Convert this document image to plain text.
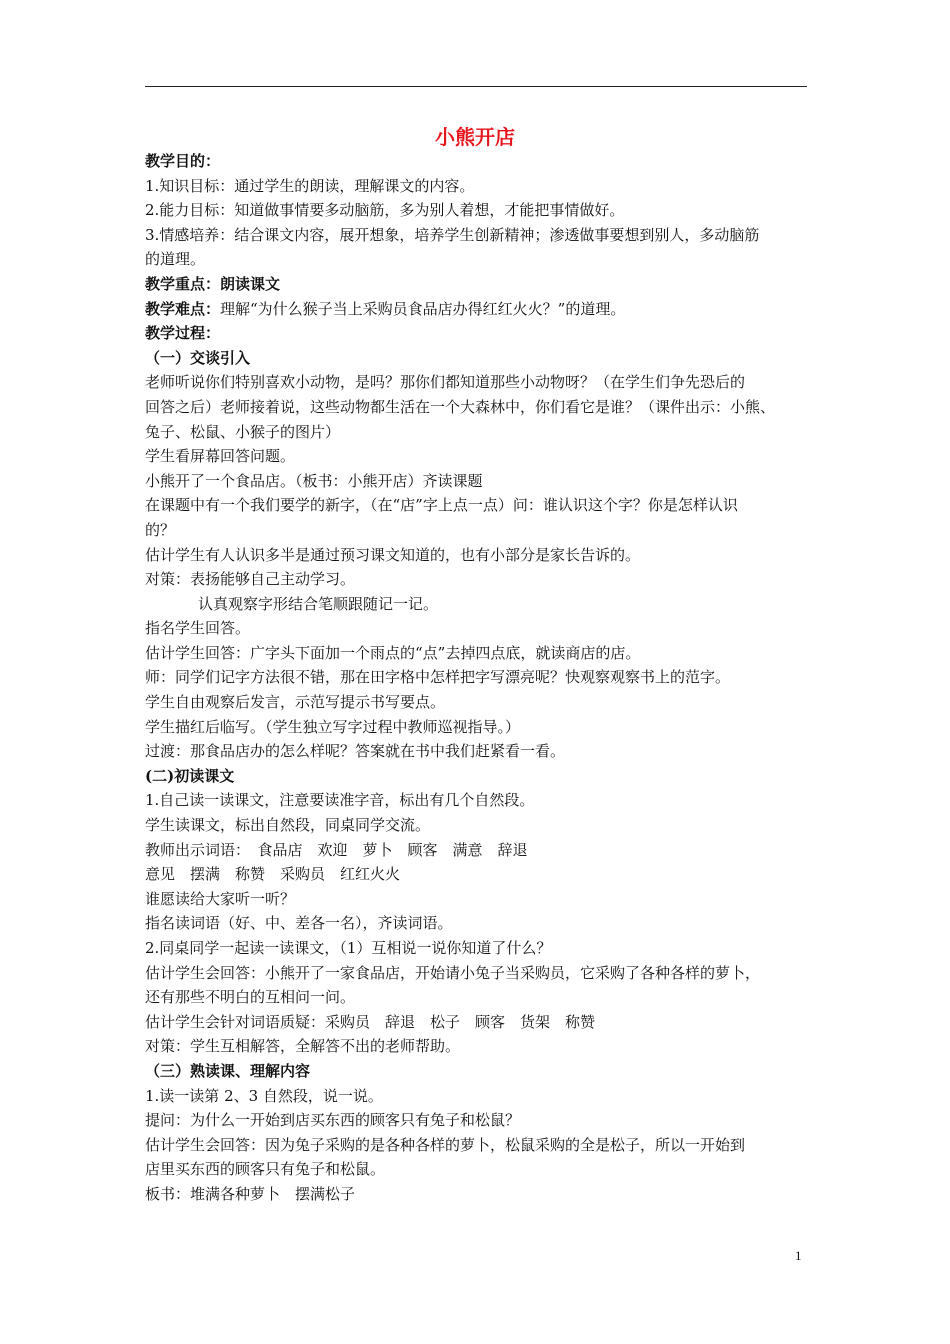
小熊开店
教学目的：
1.知识目标：通过学生的朗读，理解课文的内容。
2.能力目标：知道做事情要多动脑筋，多为别人着想，才能把事情做好。
3.情感培养：结合课文内容，展开想象，培养学生创新精神；渗透做事要想到别人，多动脑筋
的道理。
教学重点：朗读课文
教学难点：理解“为什么猴子当上采购员食品店办得红红火火？”的道理。
教学过程：
（一）交谈引入
老师听说你们特别喜欢小动物，是吗？那你们都知道那些小动物呀？（在学生们争先恐后的
回答之后）老师接着说，这些动物都生活在一个大森林中，你们看它是谁？（课件出示：小熊、
兔子、松鼠、小猴子的图片）
学生看屏幕回答问题。
小熊开了一个食品店。（板书：小熊开店）齐读课题
在课题中有一个我们要学的新字，（在“店”字上点一点）问：谁认识这个字？你是怎样认识
的？
估计学生有人认识多半是通过预习课文知道的，也有小部分是家长告诉的。
对策：表扬能够自己主动学习。
认真观察字形结合笔顺跟随记一记。
指名学生回答。
估计学生回答：广字头下面加一个雨点的“点”去掉四点底，就读商店的店。
师：同学们记字方法很不错，那在田字格中怎样把字写漂亮呢？快观察观察书上的范字。
学生自由观察后发言，示范写提示书写要点。
学生描红后临写。（学生独立写字过程中教师巡视指导。）
过渡：那食品店办的怎么样呢？答案就在书中我们赶紧看一看。
(二)初读课文
1.自己读一读课文，注意要读准字音，标出有几个自然段。
学生读课文，标出自然段，同桌同学交流。
教师出示词语：　食品店　欢迎　萝卜　顾客　满意　辞退
意见　摆满　称赞　采购员　红红火火
谁愿读给大家听一听？
指名读词语（好、中、差各一名），齐读词语。
2.同桌同学一起读一读课文，（1）互相说一说你知道了什么？
估计学生会回答：小熊开了一家食品店，开始请小兔子当采购员，它采购了各种各样的萝卜，
还有那些不明白的互相问一问。
估计学生会针对词语质疑：采购员　辞退　松子　顾客　货架　称赞
对策：学生互相解答，全解答不出的老师帮助。
（三）熟读课、理解内容
1.读一读第 2、3 自然段，说一说。
提问：为什么一开始到店买东西的顾客只有兔子和松鼠？
估计学生会回答：因为兔子采购的是各种各样的萝卜，松鼠采购的全是松子，所以一开始到
店里买东西的顾客只有兔子和松鼠。
板书：堆满各种萝卜　摆满松子
1
